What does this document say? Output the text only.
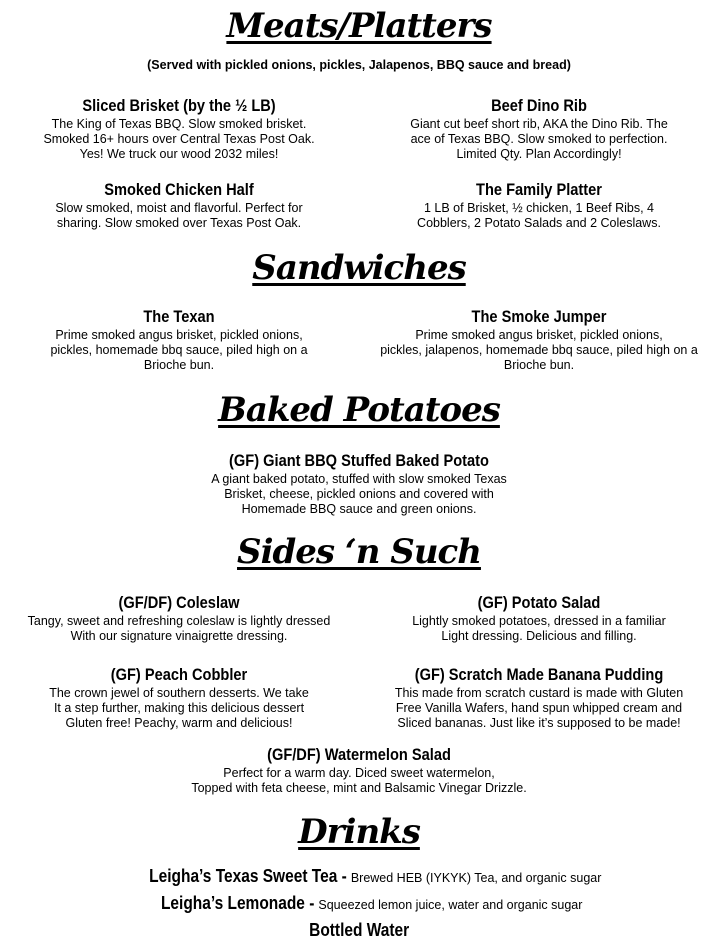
Meats/Platters
(Served with pickled onions, pickles, Jalapenos, BBQ sauce and bread)
Sliced Brisket (by the ½ LB)
The King of Texas BBQ. Slow smoked brisket.
Smoked 16+ hours over Central Texas Post Oak.
Yes! We truck our wood 2032 miles!
Beef Dino Rib
Giant cut beef short rib, AKA the Dino Rib. The
ace of Texas BBQ. Slow smoked to perfection.
Limited Qty. Plan Accordingly!
Smoked Chicken Half
Slow smoked, moist and flavorful. Perfect for
sharing. Slow smoked over Texas Post Oak.
The Family Platter
1 LB of Brisket, ½ chicken, 1 Beef Ribs, 4
Cobblers, 2 Potato Salads and 2 Coleslaws.
Sandwiches
The Texan
Prime smoked angus brisket, pickled onions,
pickles, homemade bbq sauce, piled high on a
Brioche bun.
The Smoke Jumper
Prime smoked angus brisket, pickled onions,
pickles, jalapenos, homemade bbq sauce, piled high on a
Brioche bun.
Baked Potatoes
(GF) Giant BBQ Stuffed Baked Potato
A giant baked potato, stuffed with slow smoked Texas
Brisket, cheese, pickled onions and covered with
Homemade BBQ sauce and green onions.
Sides ‘n Such
(GF/DF) Coleslaw
Tangy, sweet and refreshing coleslaw is lightly dressed
With our signature vinaigrette dressing.
(GF) Potato Salad
Lightly smoked potatoes, dressed in a familiar
Light dressing. Delicious and filling.
(GF) Peach Cobbler
The crown jewel of southern desserts. We take
It a step further, making this delicious dessert
Gluten free! Peachy, warm and delicious!
(GF) Scratch Made Banana Pudding
This made from scratch custard is made with Gluten
Free Vanilla Wafers, hand spun whipped cream and
Sliced bananas. Just like it’s supposed to be made!
(GF/DF) Watermelon Salad
Perfect for a warm day. Diced sweet watermelon,
Topped with feta cheese, mint and Balsamic Vinegar Drizzle.
Drinks
Leigha’s Texas Sweet Tea - Brewed HEB (IYKYK) Tea, and organic sugar
Leigha’s Lemonade - Squeezed lemon juice, water and organic sugar
Bottled Water
